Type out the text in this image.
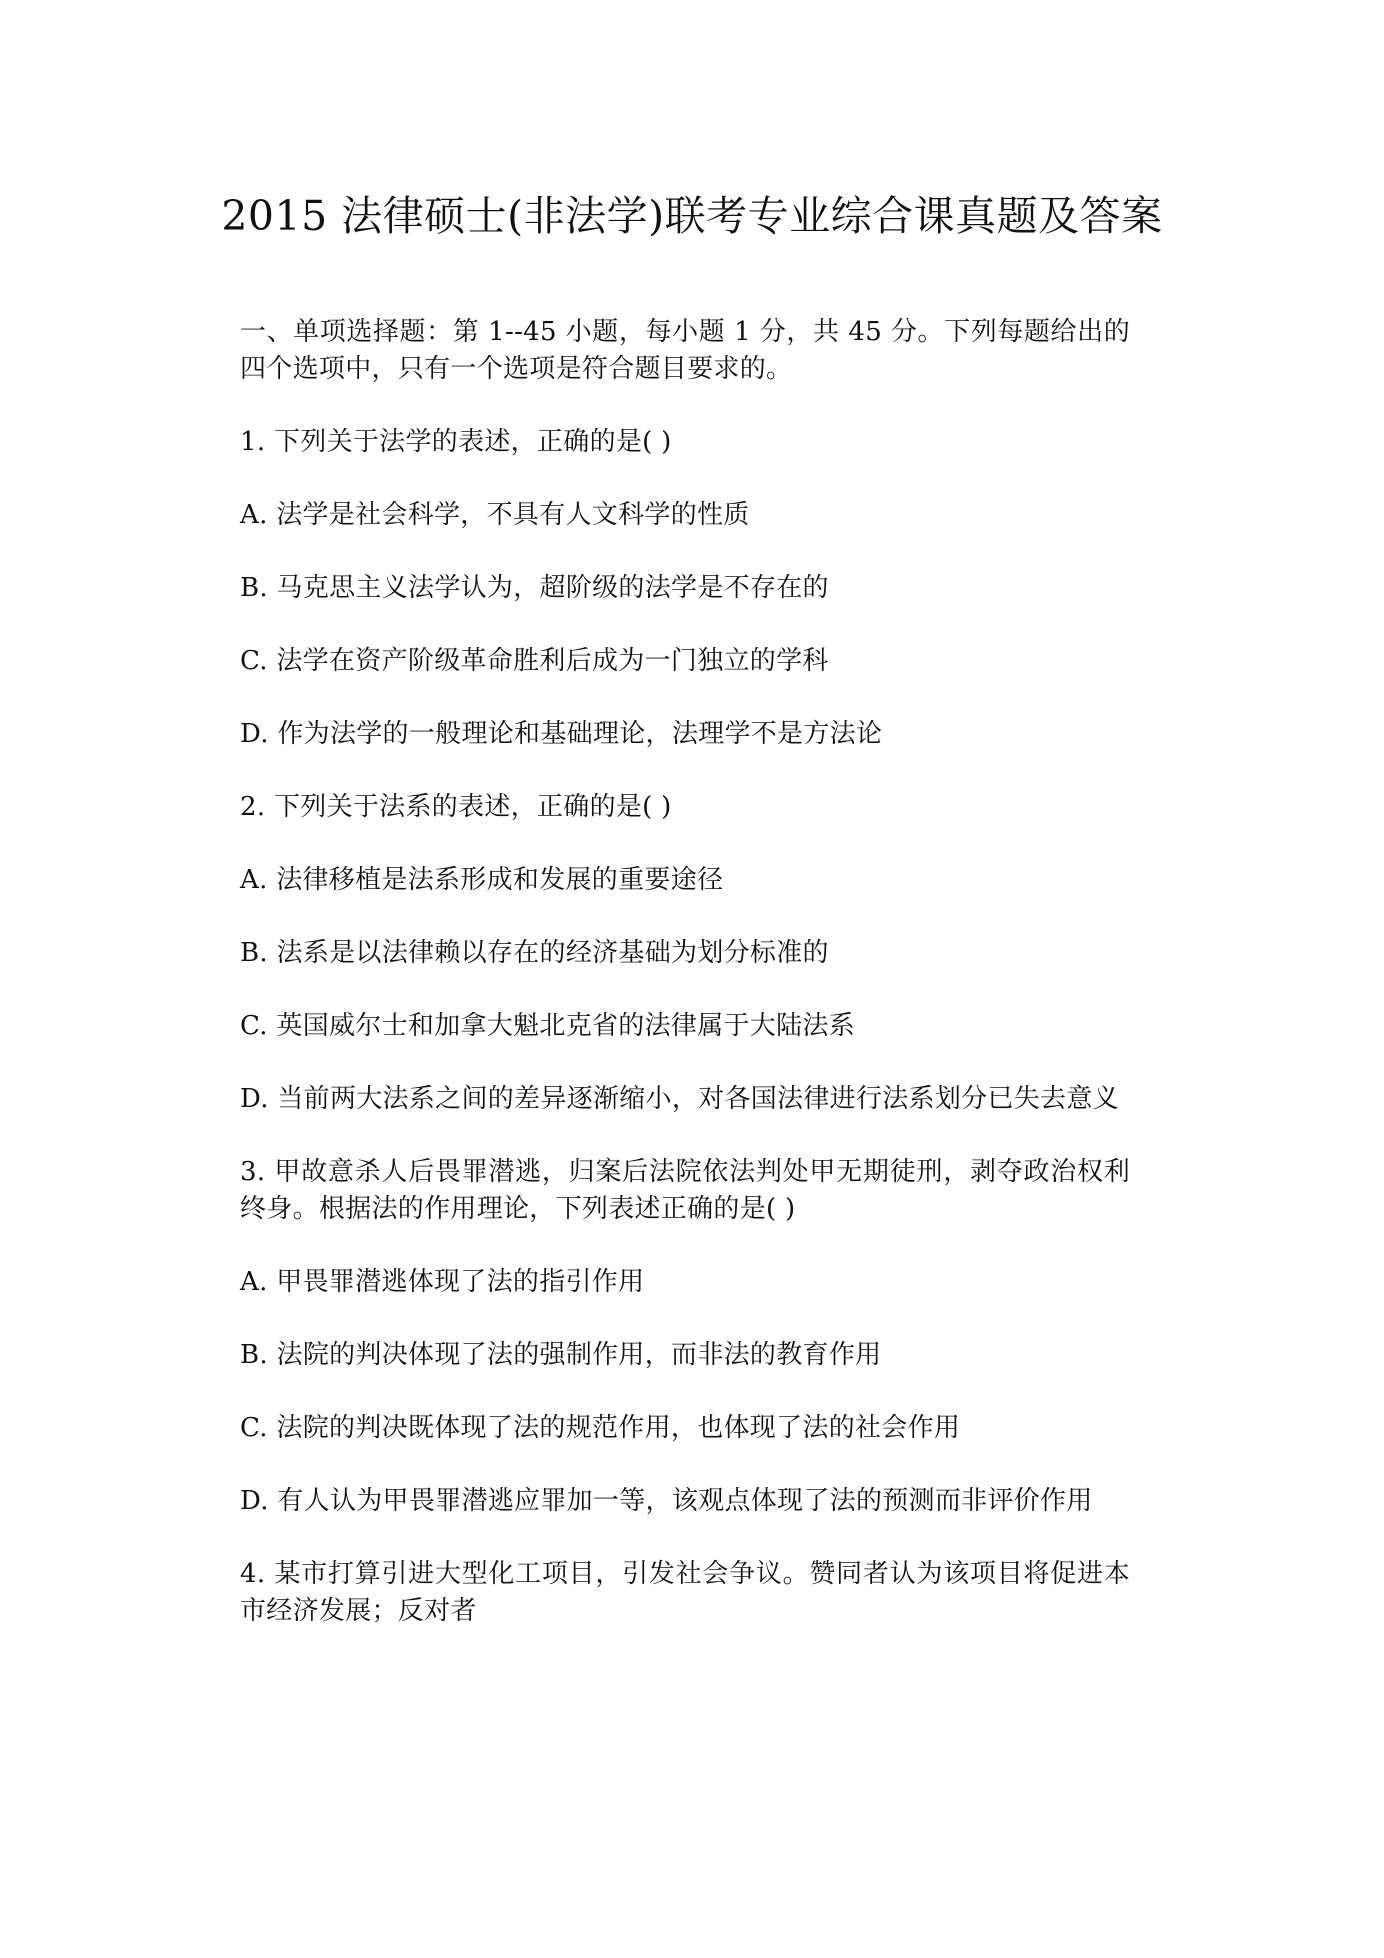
2015 法律硕士(非法学)联考专业综合课真题及答案

一、单项选择题：第 1--45 小题，每小题 1 分，共 45 分。下列每题给出的四个选项中，只有一个选项是符合题目要求的。

1. 下列关于法学的表述，正确的是( )

A. 法学是社会科学，不具有人文科学的性质

B. 马克思主义法学认为，超阶级的法学是不存在的

C. 法学在资产阶级革命胜利后成为一门独立的学科

D. 作为法学的一般理论和基础理论，法理学不是方法论

2. 下列关于法系的表述，正确的是( )

A. 法律移植是法系形成和发展的重要途径

B. 法系是以法律赖以存在的经济基础为划分标准的

C. 英国威尔士和加拿大魁北克省的法律属于大陆法系

D. 当前两大法系之间的差异逐渐缩小，对各国法律进行法系划分已失去意义

3. 甲故意杀人后畏罪潜逃，归案后法院依法判处甲无期徒刑，剥夺政治权利终身。根据法的作用理论，下列表述正确的是( )

A. 甲畏罪潜逃体现了法的指引作用

B. 法院的判决体现了法的强制作用，而非法的教育作用

C. 法院的判决既体现了法的规范作用，也体现了法的社会作用

D. 有人认为甲畏罪潜逃应罪加一等，该观点体现了法的预测而非评价作用

4. 某市打算引进大型化工项目，引发社会争议。赞同者认为该项目将促进本市经济发展；反对者
